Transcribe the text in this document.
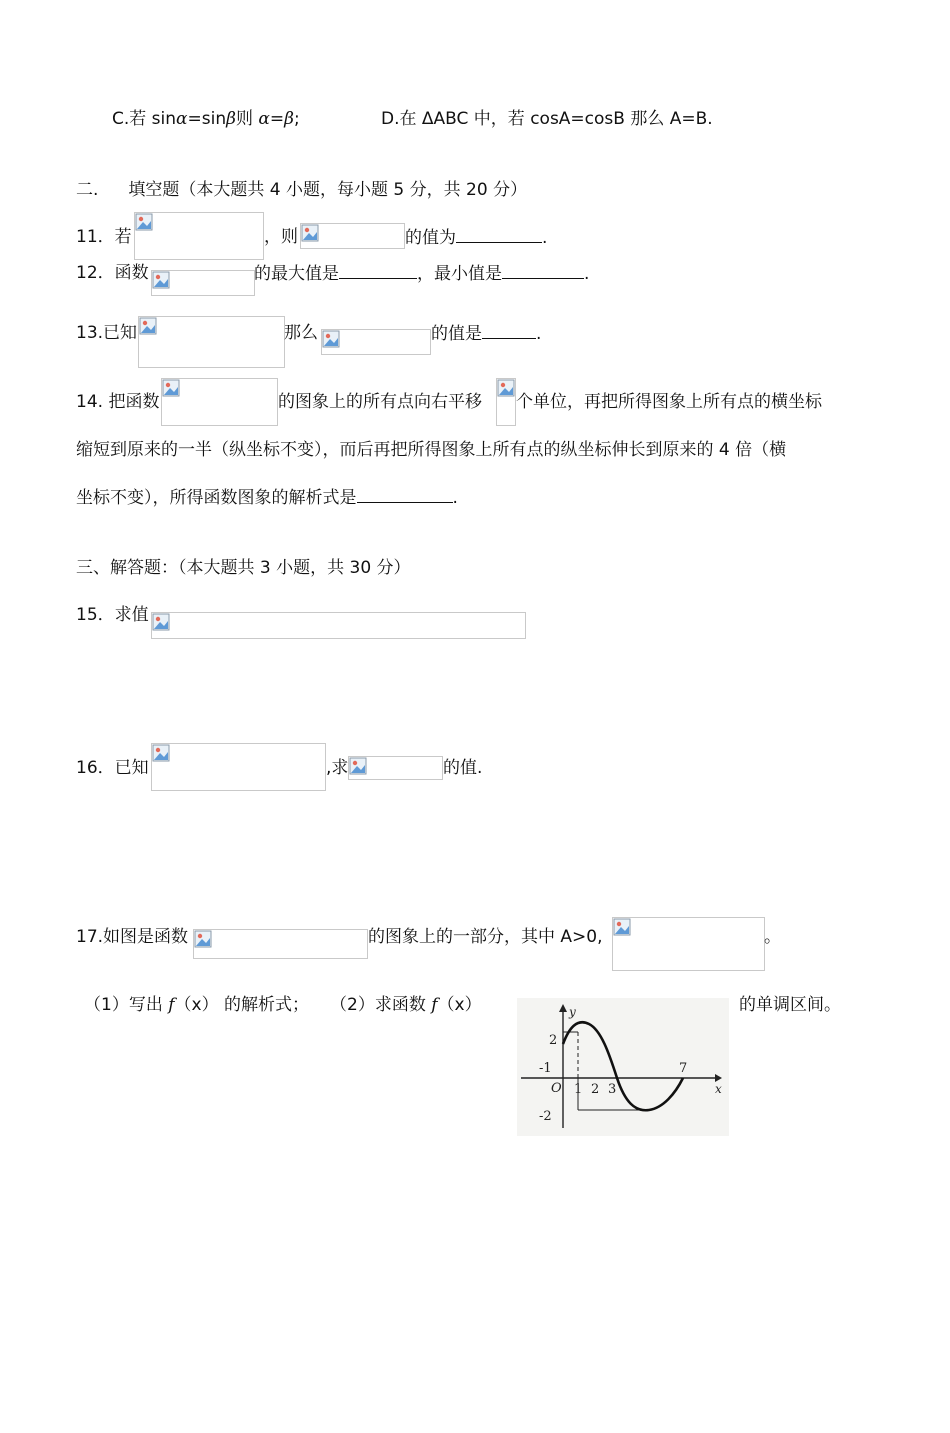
C.若 sinα=sinβ则 α=β;	D.在 ΔABC 中，若 cosA=cosB 那么 A=B.
二. 填空题（本大题共 4 小题，每小题 5 分，共 20 分）
11．若	，则	的值为	.
12．函数	的最大值是	，最小值是	.
13.已知	那么	的值是	.
14. 把函数	的图象上的所有点向右平移 个单位，再把所得图象上所有点的横坐标
缩短到原来的一半（纵坐标不变），而后再把所得图象上所有点的纵坐标伸长到原来的 4 倍（横
坐标不变），所得函数图象的解析式是	.
三、解答题：（本大题共 3 小题，共 30 分）
15．求值
16．已知	,求	的值.
17.如图是函数	的图象上的一部分，其中 A>0,	。
（1）写出 f（x） 的解析式； （2）求函数 f（x）	的单调区间。
y
x
2
-1
O
-2
1 2 3
7
